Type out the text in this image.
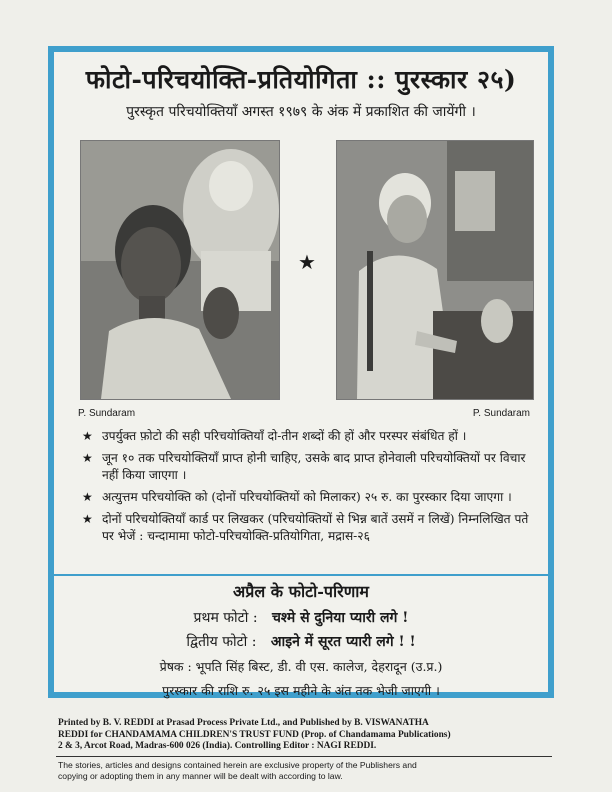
फोटो-परिचयोक्ति-प्रतियोगिता :: पुरस्कार २५)
पुरस्कृत परिचयोक्तियाँ अगस्त १९७९ के अंक में प्रकाशित की जायेंगी ।
★
P. Sundaram	P. Sundaram
★ उपर्युक्त फ़ोटो की सही परिचयोक्तियाँ दो-तीन शब्दों की हों और परस्पर संबंधित हों ।
★ जून १० तक परिचयोक्तियाँ प्राप्त होनी चाहिए, उसके बाद प्राप्त होनेवाली परिचयोक्तियों पर विचार नहीं किया जाएगा ।
★ अत्युत्तम परिचयोक्ति को (दोनों परिचयोक्तियों को मिलाकर) २५ रु. का पुरस्कार दिया जाएगा ।
★ दोनों परिचयोक्तियाँ कार्ड पर लिखकर (परिचयोक्तियों से भिन्न बातें उसमें न लिखें) निम्नलिखित पते पर भेजें : चन्दामामा फोटो-परिचयोक्ति-प्रतियोगिता, मद्रास-२६
अप्रैल के फोटो-परिणाम
प्रथम फोटो : चश्मे से दुनिया प्यारी लगे !
द्वितीय फोटो : आइने में सूरत प्यारी लगे ! !
प्रेषक : भूपति सिंह बिस्ट, डी. वी एस. कालेज, देहरादून (उ.प्र.)
पुरस्कार की राशि रु. २५ इस महीने के अंत तक भेजी जाएगी ।

Printed by B. V. REDDI at Prasad Process Private Ltd., and Published by B. VISWANATHA

REDDI for CHANDAMAMA CHILDREN'S TRUST FUND (Prop. of Chandamama Publications)

2 & 3, Arcot Road, Madras-600 026 (India). Controlling Editor : NAGI REDDI.

The stories, articles and designs contained herein are exclusive property of the Publishers and

copying or adopting them in any manner will be dealt with according to law.
